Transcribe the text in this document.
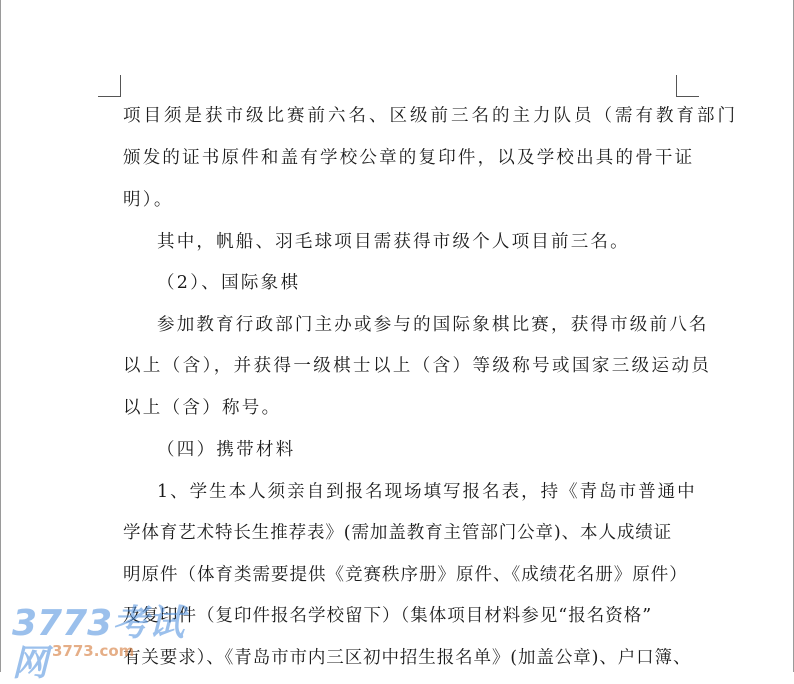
项目须是获市级比赛前六名、区级前三名的主力队员（需有教育部门
颁发的证书原件和盖有学校公章的复印件，以及学校出具的骨干证
明）。
其中，帆船、羽毛球项目需获得市级个人项目前三名。
（2）、国际象棋
参加教育行政部门主办或参与的国际象棋比赛，获得市级前八名
以上（含），并获得一级棋士以上（含）等级称号或国家三级运动员
以上（含）称号。
（四）携带材料
1、学生本人须亲自到报名现场填写报名表，持《青岛市普通中
学体育艺术特长生推荐表》(需加盖教育主管部门公章)、本人成绩证
明原件（体育类需要提供《竞赛秩序册》原件、《成绩花名册》原件）
及复印件（复印件报名学校留下）（集体项目材料参见“报名资格”
有关要求）、《青岛市市内三区初中招生报名单》(加盖公章)、户口簿、
3773考试网 3773.com
